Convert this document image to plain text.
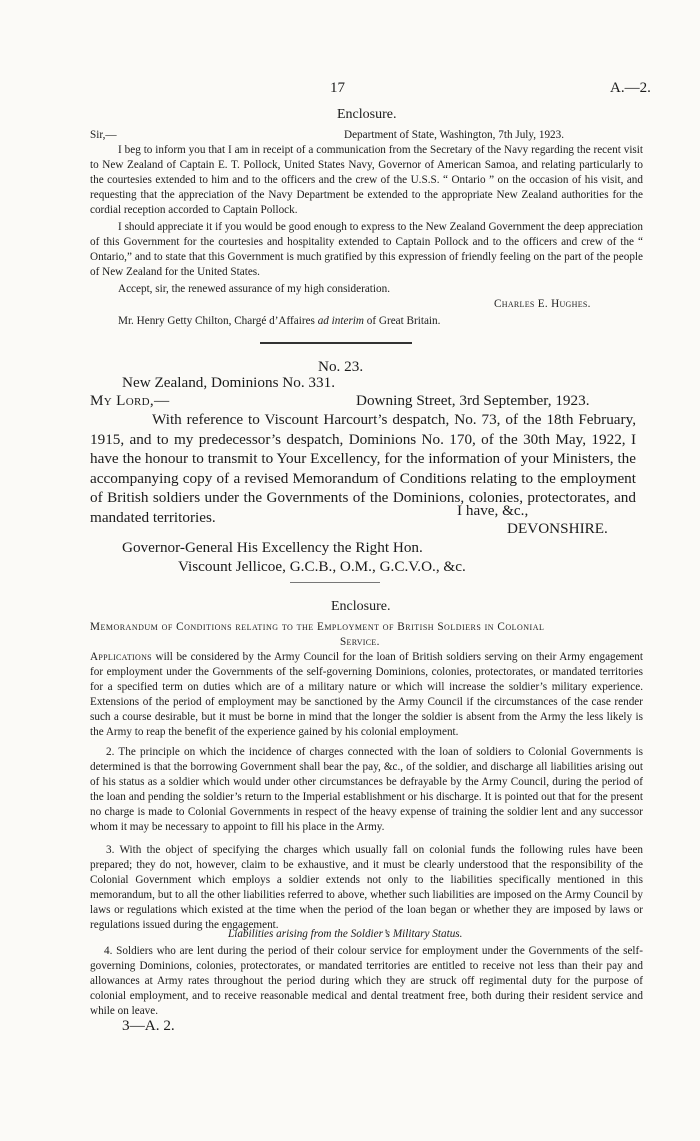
17	A.—2.
Enclosure.
Sir,—	Department of State, Washington, 7th July, 1923.
I beg to inform you that I am in receipt of a communication from the Secretary of the Navy regarding the recent visit to New Zealand of Captain E. T. Pollock, United States Navy, Governor of American Samoa, and relating particularly to the courtesies extended to him and to the officers and the crew of the U.S.S. “ Ontario ” on the occasion of his visit, and requesting that the appreciation of the Navy Department be extended to the appropriate New Zealand authorities for the cordial reception accorded to Captain Pollock.
I should appreciate it if you would be good enough to express to the New Zealand Government the deep appreciation of this Government for the courtesies and hospitality extended to Captain Pollock and to the officers and crew of the “ Ontario,” and to state that this Government is much gratified by this expression of friendly feeling on the part of the people of New Zealand for the United States.
Accept, sir, the renewed assurance of my high consideration.
Charles E. Hughes.
Mr. Henry Getty Chilton, Chargé d’Affaires ad interim of Great Britain.
No. 23.
New Zealand, Dominions No. 331.
My Lord,—	Downing Street, 3rd September, 1923.
With reference to Viscount Harcourt’s despatch, No. 73, of the 18th February, 1915, and to my predecessor’s despatch, Dominions No. 170, of the 30th May, 1922, I have the honour to transmit to Your Excellency, for the information of your Ministers, the accompanying copy of a revised Memorandum of Conditions relating to the employment of British soldiers under the Governments of the Dominions, colonies, protectorates, and mandated territories.	I have, &c.,
DEVONSHIRE.
Governor-General His Excellency the Right Hon.
Viscount Jellicoe, G.C.B., O.M., G.C.V.O., &c.
Enclosure.
Memorandum of Conditions relating to the Employment of British Soldiers in Colonial
Service.
Applications will be considered by the Army Council for the loan of British soldiers serving on their Army engagement for employment under the Governments of the self-governing Dominions, colonies, protectorates, or mandated territories for a specified term on duties which are of a military nature or which will increase the soldier’s military experience. Extensions of the period of employment may be sanctioned by the Army Council if the circumstances of the case render such a course desirable, but it must be borne in mind that the longer the soldier is absent from the Army the less likely is the Army to reap the benefit of the experience gained by his colonial employment.
2. The principle on which the incidence of charges connected with the loan of soldiers to Colonial Governments is determined is that the borrowing Government shall bear the pay, &c., of the soldier, and discharge all liabilities arising out of his status as a soldier which would under other circumstances be defrayable by the Army Council, during the period of the loan and pending the soldier’s return to the Imperial establishment or his discharge. It is pointed out that for the present no charge is made to Colonial Governments in respect of the heavy expense of training the soldier lent and any successor whom it may be necessary to appoint to fill his place in the Army.
3. With the object of specifying the charges which usually fall on colonial funds the following rules have been prepared; they do not, however, claim to be exhaustive, and it must be clearly understood that the responsibility of the Colonial Government which employs a soldier extends not only to the liabilities specifically mentioned in this memorandum, but to all the other liabilities referred to above, whether such liabilities are imposed on the Army Council by laws or regulations which existed at the time when the period of the loan began or whether they are imposed by laws or regulations issued during the engagement.
Liabilities arising from the Soldier’s Military Status.
4. Soldiers who are lent during the period of their colour service for employment under the Governments of the self-governing Dominions, colonies, protectorates, or mandated territories are entitled to receive not less than their pay and allowances at Army rates throughout the period during which they are struck off regimental duty for the purpose of colonial employment, and to receive reasonable medical and dental treatment free, both during their resident service and while on leave.
3—A. 2.
